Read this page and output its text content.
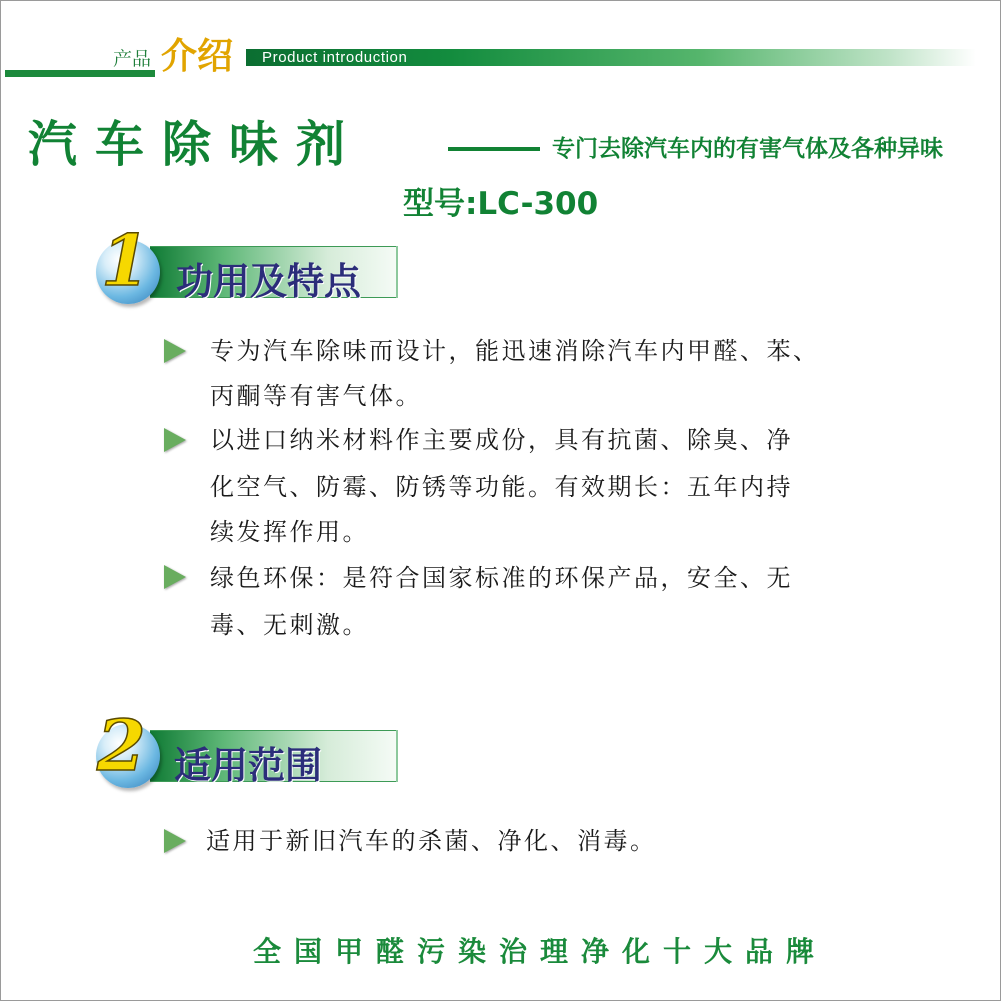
产品 介绍 Product introduction
汽车除味剂	专门去除汽车内的有害气体及各种异味
型号:LC-300
功用及特点
1
专为汽车除味而设计，能迅速消除汽车内甲醛、苯、
丙酮等有害气体。
以进口纳米材料作主要成份，具有抗菌、除臭、净
化空气、防霉、防锈等功能。有效期长：五年内持
续发挥作用。
绿色环保：是符合国家标准的环保产品，安全、无
毒、无刺激。
适用范围
2
适用于新旧汽车的杀菌、净化、消毒。
全国甲醛污染治理净化十大品牌
